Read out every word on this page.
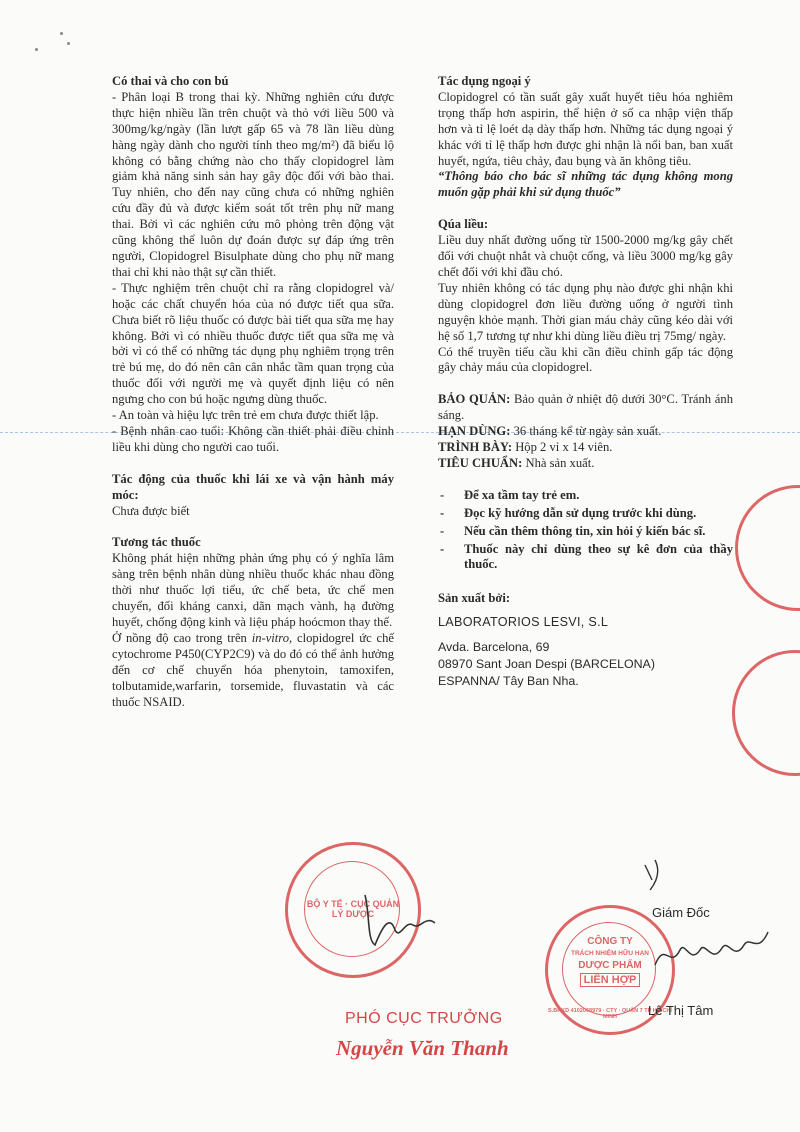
Có thai và cho con bú

- Phân loại B trong thai kỳ. Những nghiên cứu được thực hiện nhiều lần trên chuột và thỏ với liều 500 và 300mg/kg/ngày (lần lượt gấp 65 và 78 lần liều dùng hàng ngày dành cho người tính theo mg/m²) đã biểu lộ không có bằng chứng nào cho thấy clopidogrel làm giảm khả năng sinh sản hay gây độc đối với bào thai. Tuy nhiên, cho đến nay cũng chưa có những nghiên cứu đầy đủ và được kiểm soát tốt trên phụ nữ mang thai. Bởi vì các nghiên cứu mô phỏng trên động vật cũng không thể luôn dự đoán được sự đáp ứng trên người, Clopidogrel Bisulphate dùng cho phụ nữ mang thai chỉ khi nào thật sự cần thiết.

- Thực nghiệm trên chuột chỉ ra rằng clopidogrel và/ hoặc các chất chuyển hóa của nó được tiết qua sữa. Chưa biết rõ liệu thuốc có được bài tiết qua sữa mẹ hay không. Bởi vì có nhiều thuốc được tiết qua sữa mẹ và bởi vì có thể có những tác dụng phụ nghiêm trọng trên trẻ bú mẹ, do đó nên cân cân nhắc tầm quan trọng của thuốc đối với người mẹ và quyết định liệu có nên ngưng cho con bú hoặc ngưng dùng thuốc.

- An toàn và hiệu lực trên trẻ em chưa được thiết lập.

- Bệnh nhân cao tuổi: Không cần thiết phải điều chỉnh liều khi dùng cho người cao tuổi.

Tác động của thuốc khi lái xe và vận hành máy móc:

Chưa được biết

Tương tác thuốc

Không phát hiện những phản ứng phụ có ý nghĩa lâm sàng trên bệnh nhân dùng nhiều thuốc khác nhau đồng thời như thuốc lợi tiểu, ức chế beta, ức chế men chuyển, đối kháng canxi, dãn mạch vành, hạ đường huyết, chống động kinh và liệu pháp hoócmon thay thế.

Ở nồng độ cao trong trên in-vitro, clopidogrel ức chế cytochrome P450(CYP2C9) và do đó có thể ảnh hưởng đến cơ chế chuyển hóa phenytoin, tamoxifen, tolbutamide,warfarin, torsemide, fluvastatin và các thuốc NSAID.

Tác dụng ngoại ý

Clopidogrel có tần suất gây xuất huyết tiêu hóa nghiêm trọng thấp hơn aspirin, thể hiện ở số ca nhập viện thấp hơn và tỉ lệ loét dạ dày thấp hơn. Những tác dụng ngoại ý khác với tỉ lệ thấp hơn được ghi nhận là nổi ban, ban xuất huyết, ngứa, tiêu chảy, đau bụng và ăn không tiêu.

“Thông báo cho bác sĩ những tác dụng không mong muốn gặp phải khi sử dụng thuốc”

Qúa liều:

Liều duy nhất đường uống từ 1500-2000 mg/kg gây chết đối với chuột nhắt và chuột cống, và liều 3000 mg/kg gây chết đối với khỉ đầu chó.

Tuy nhiên không có tác dụng phụ nào được ghi nhận khi dùng clopidogrel đơn liều đường uống ở người tình nguyện khỏe mạnh. Thời gian máu chảy cũng kéo dài với hệ số 1,7 tương tự như khi dùng liều điều trị 75mg/ ngày.

Có thể truyền tiểu cầu khi cần điều chỉnh gấp tác động gây chảy máu của clopidogrel.

BẢO QUẢN: Bảo quản ở nhiệt độ dưới 30°C. Tránh ánh sáng.

HẠN DÙNG: 36 tháng kể từ ngày sản xuất.

TRÌNH BÀY: Hộp 2 vỉ x 14 viên.

TIÊU CHUẨN: Nhà sản xuất.

- Để xa tầm tay trẻ em.
- Đọc kỹ hướng dẫn sử dụng trước khi dùng.
- Nếu cần thêm thông tin, xin hỏi ý kiến bác sĩ.
- Thuốc này chỉ dùng theo sự kê đơn của thầy thuốc.

Sản xuất bởi:

LABORATORIOS LESVI, S.L

Avda. Barcelona, 69

08970 Sant Joan Despi (BARCELONA)

ESPANNA/ Tây Ban Nha.

BỘ Y TẾ · CỤC QUẢN LÝ DƯỢC
CÔNG TY
TRÁCH NHIỆM HỮU HẠN
DƯỢC PHẨM
LIÊN HỢP
S.BKKD 4102068979 · CTY · QUẬN 7 TP HỒ CHÍ MINH
Giám Đốc
Lê Thị Tâm
PHÓ CỤC TRƯỞNG
Nguyễn Văn Thanh
